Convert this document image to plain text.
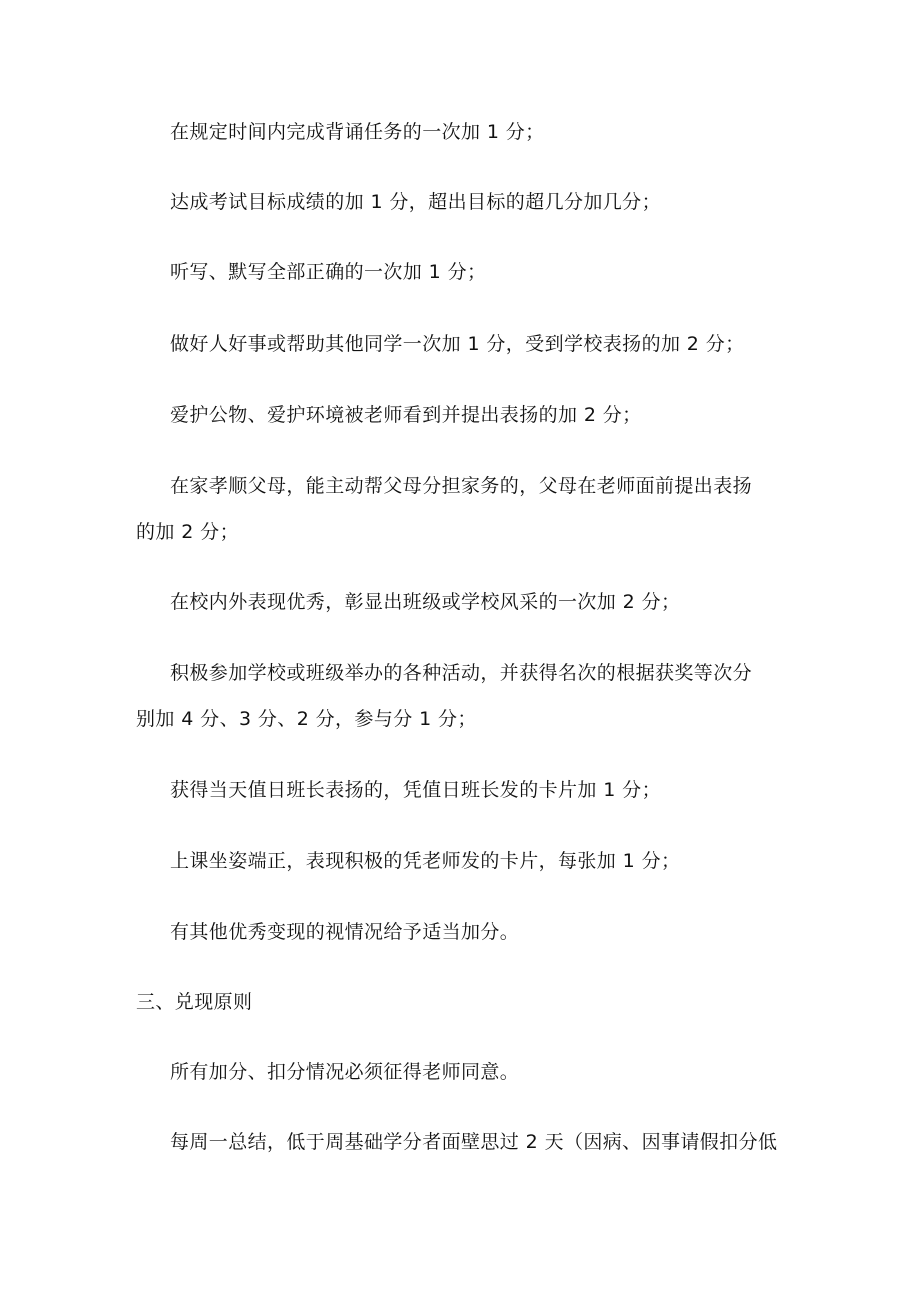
在规定时间内完成背诵任务的一次加 1 分；
达成考试目标成绩的加 1 分，超出目标的超几分加几分；
听写、默写全部正确的一次加 1 分；
做好人好事或帮助其他同学一次加 1 分，受到学校表扬的加 2 分；
爱护公物、爱护环境被老师看到并提出表扬的加 2 分；
在家孝顺父母，能主动帮父母分担家务的，父母在老师面前提出表扬
的加 2 分；
在校内外表现优秀，彰显出班级或学校风采的一次加 2 分；
积极参加学校或班级举办的各种活动，并获得名次的根据获奖等次分
别加 4 分、3 分、2 分，参与分 1 分；
获得当天值日班长表扬的，凭值日班长发的卡片加 1 分；
上课坐姿端正，表现积极的凭老师发的卡片，每张加 1 分；
有其他优秀变现的视情况给予适当加分。
三、兑现原则
所有加分、扣分情况必须征得老师同意。
每周一总结，低于周基础学分者面壁思过 2 天（因病、因事请假扣分低
